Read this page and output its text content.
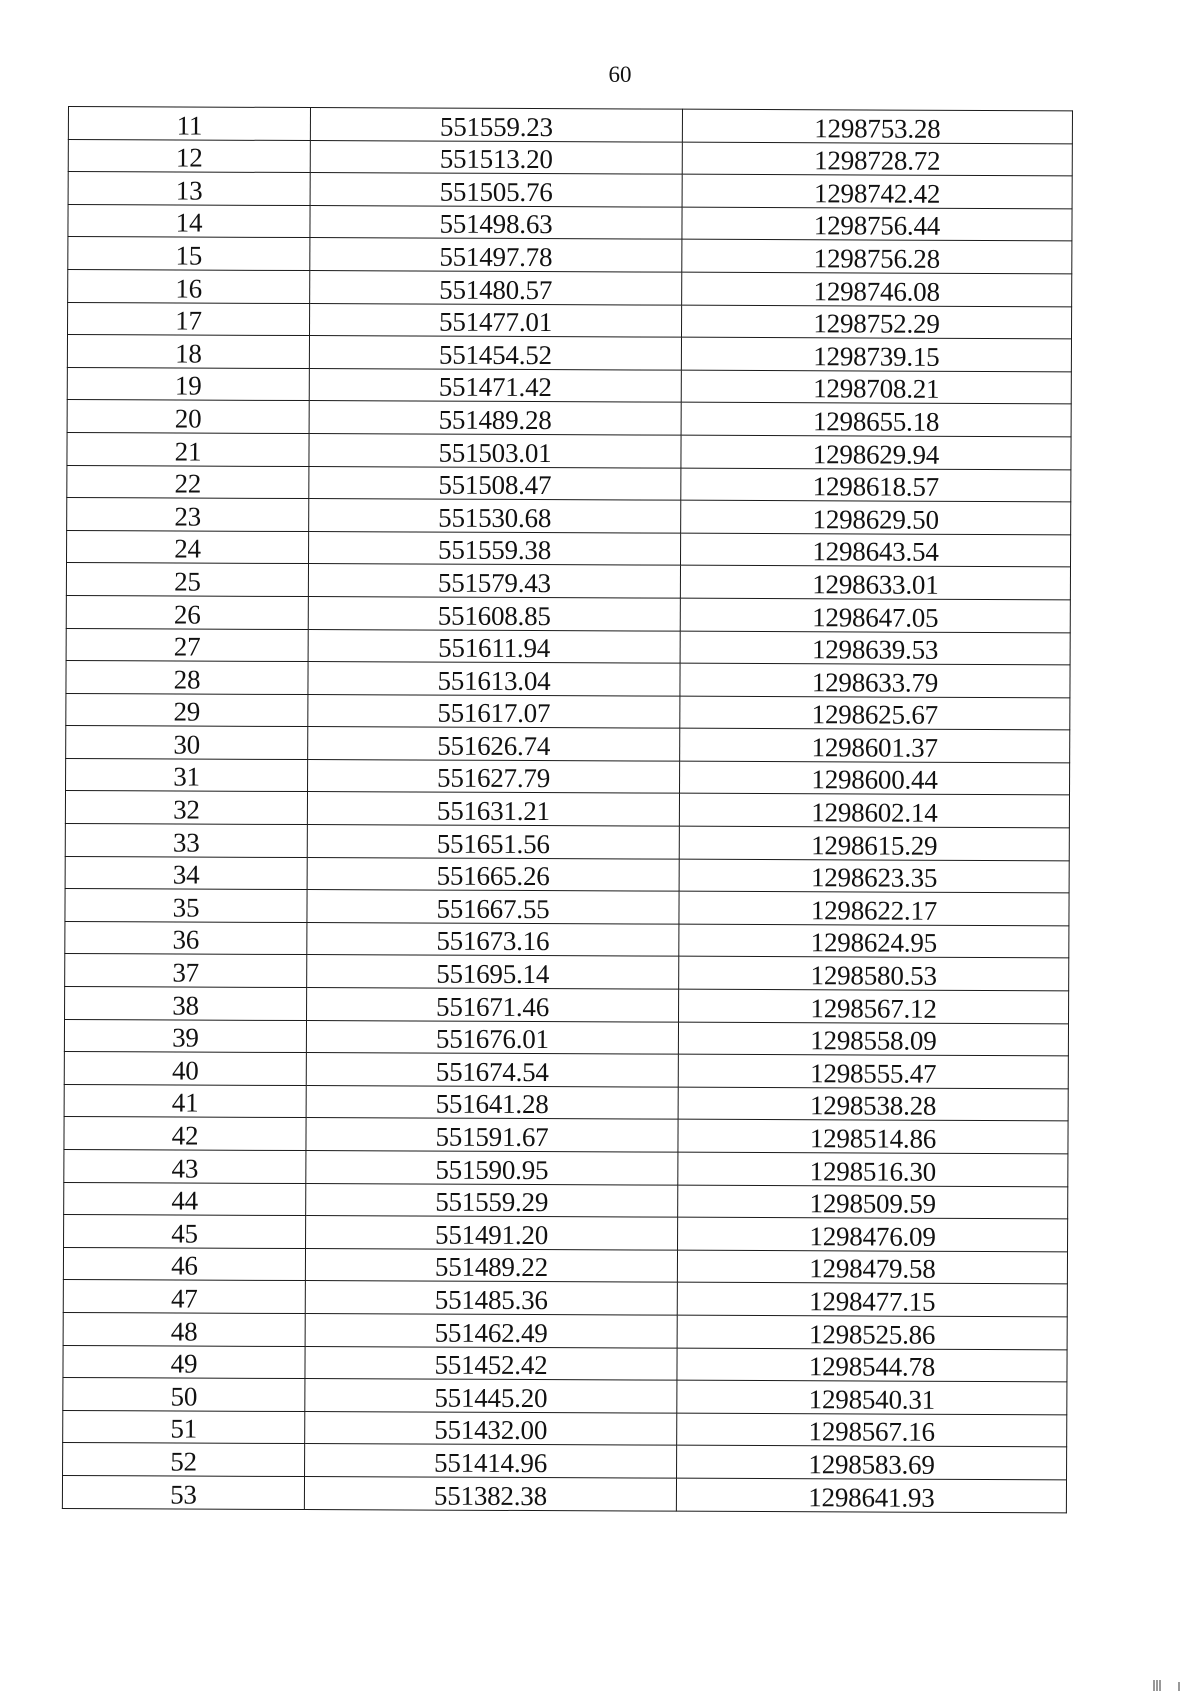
60
11	551559.23	1298753.28
12	551513.20	1298728.72
13	551505.76	1298742.42
14	551498.63	1298756.44
15	551497.78	1298756.28
16	551480.57	1298746.08
17	551477.01	1298752.29
18	551454.52	1298739.15
19	551471.42	1298708.21
20	551489.28	1298655.18
21	551503.01	1298629.94
22	551508.47	1298618.57
23	551530.68	1298629.50
24	551559.38	1298643.54
25	551579.43	1298633.01
26	551608.85	1298647.05
27	551611.94	1298639.53
28	551613.04	1298633.79
29	551617.07	1298625.67
30	551626.74	1298601.37
31	551627.79	1298600.44
32	551631.21	1298602.14
33	551651.56	1298615.29
34	551665.26	1298623.35
35	551667.55	1298622.17
36	551673.16	1298624.95
37	551695.14	1298580.53
38	551671.46	1298567.12
39	551676.01	1298558.09
40	551674.54	1298555.47
41	551641.28	1298538.28
42	551591.67	1298514.86
43	551590.95	1298516.30
44	551559.29	1298509.59
45	551491.20	1298476.09
46	551489.22	1298479.58
47	551485.36	1298477.15
48	551462.49	1298525.86
49	551452.42	1298544.78
50	551445.20	1298540.31
51	551432.00	1298567.16
52	551414.96	1298583.69
53	551382.38	1298641.93
